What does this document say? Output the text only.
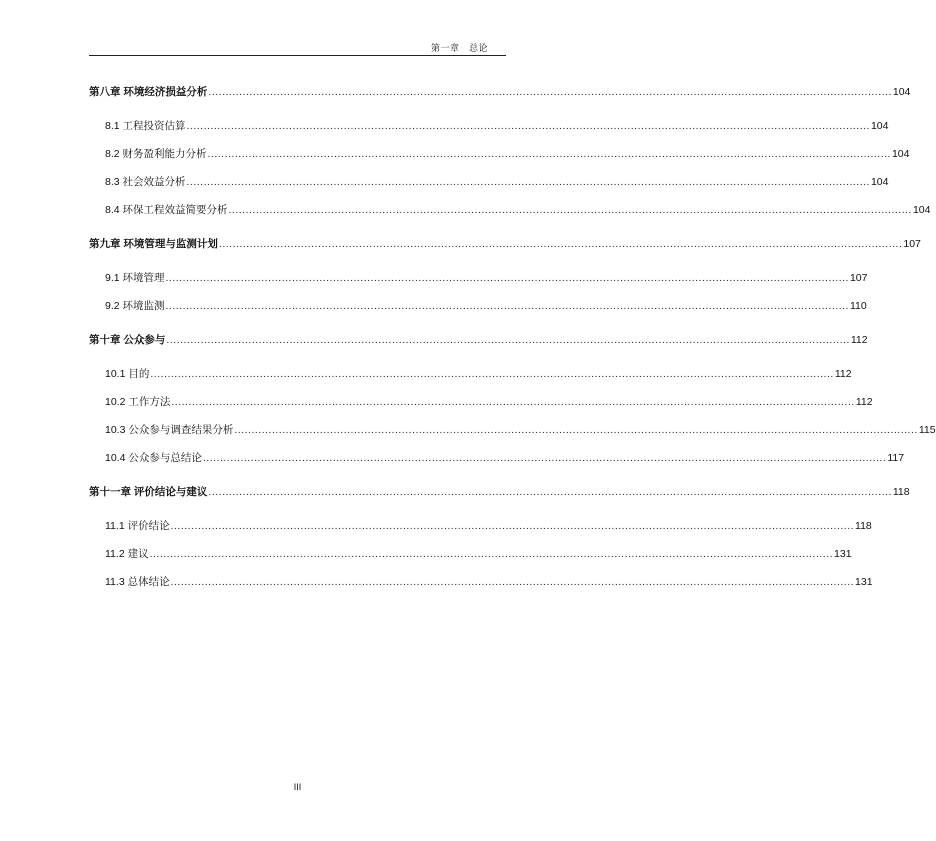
第一章　总论
第八章 环境经济损益分析 ........................................................................................................................................................................................................ 104
8.1 工程投资估算 ........................................................................................................................................................................................................ 104
8.2 财务盈利能力分析 ........................................................................................................................................................................................................ 104
8.3 社会效益分析 ........................................................................................................................................................................................................ 104
8.4 环保工程效益简要分析 ........................................................................................................................................................................................................ 104
第九章 环境管理与监测计划 ........................................................................................................................................................................................................ 107
9.1 环境管理 ........................................................................................................................................................................................................ 107
9.2 环境监测 ........................................................................................................................................................................................................ 110
第十章 公众参与 ........................................................................................................................................................................................................ 112
10.1 目的 ........................................................................................................................................................................................................ 112
10.2 工作方法 ........................................................................................................................................................................................................ 112
10.3 公众参与调查结果分析 ........................................................................................................................................................................................................ 115
10.4 公众参与总结论 ........................................................................................................................................................................................................ 117
第十一章 评价结论与建议 ........................................................................................................................................................................................................ 118
11.1 评价结论 ........................................................................................................................................................................................................ 118
11.2 建议 ........................................................................................................................................................................................................ 131
11.3 总体结论 ........................................................................................................................................................................................................ 131
III
